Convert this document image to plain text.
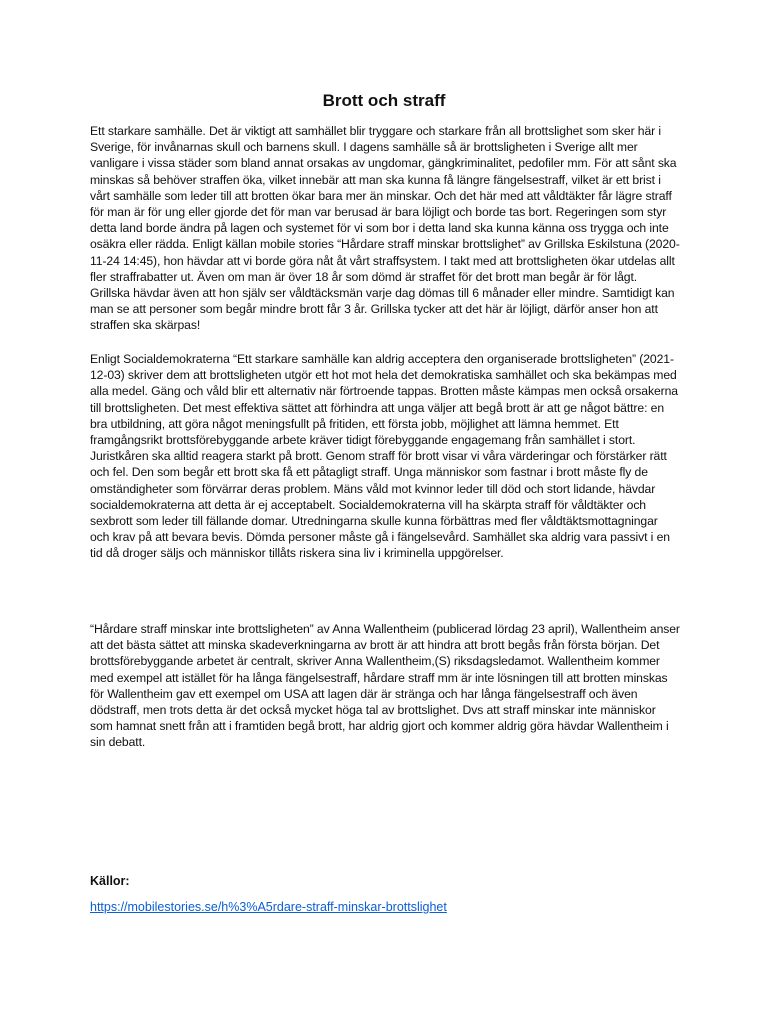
Brott och straff

Ett starkare samhälle. Det är viktigt att samhället blir tryggare och starkare från all brottslighet som sker här i Sverige, för invånarnas skull och barnens skull. I dagens samhälle så är brottsligheten i Sverige allt mer vanligare i vissa städer som bland annat orsakas av ungdomar, gängkriminalitet, pedofiler mm. För att sånt ska minskas så behöver straffen öka, vilket innebär att man ska kunna få längre fängelsestraff, vilket är ett brist i vårt samhälle som leder till att brotten ökar bara mer än minskar. Och det här med att våldtäkter får lägre straff för man är för ung eller gjorde det för man var berusad är bara löjligt och borde tas bort. Regeringen som styr detta land borde ändra på lagen och systemet för vi som bor i detta land ska kunna känna oss trygga och inte osäkra eller rädda. Enligt källan mobile stories “Hårdare straff minskar brottslighet” av Grillska Eskilstuna (2020-11-24 14:45), hon hävdar att vi borde göra nåt åt vårt straffsystem. I takt med att brottsligheten ökar utdelas allt fler straffrabatter ut. Även om man är över 18 år som dömd är straffet för det brott man begår är för lågt. Grillska hävdar även att hon själv ser våldtäcksmän varje dag dömas till 6 månader eller mindre. Samtidigt kan man se att personer som begår mindre brott får 3 år. Grillska tycker att det här är löjligt, därför anser hon att straffen ska skärpas!

Enligt Socialdemokraterna “Ett starkare samhälle kan aldrig acceptera den organiserade brottsligheten” (2021-12-03) skriver dem att brottsligheten utgör ett hot mot hela det demokratiska samhället och ska bekämpas med alla medel. Gäng och våld blir ett alternativ när förtroende tappas. Brotten måste kämpas men också orsakerna till brottsligheten. Det mest effektiva sättet att förhindra att unga väljer att begå brott är att ge något bättre: en bra utbildning, att göra något meningsfullt på fritiden, ett första jobb, möjlighet att lämna hemmet. Ett framgångsrikt brottsförebyggande arbete kräver tidigt förebyggande engagemang från samhället i stort. Juristkåren ska alltid reagera starkt på brott. Genom straff för brott visar vi våra värderingar och förstärker rätt och fel. Den som begår ett brott ska få ett påtagligt straff. Unga människor som fastnar i brott måste fly de omständigheter som förvärrar deras problem. Mäns våld mot kvinnor leder till död och stort lidande, hävdar socialdemokraterna att detta är ej acceptabelt. Socialdemokraterna vill ha skärpta straff för våldtäkter och sexbrott som leder till fällande domar. Utredningarna skulle kunna förbättras med fler våldtäktsmottagningar och krav på att bevara bevis. Dömda personer måste gå i fängelsevård. Samhället ska aldrig vara passivt i en tid då droger säljs och människor tillåts riskera sina liv i kriminella uppgörelser.

“Hårdare straff minskar inte brottsligheten” av Anna Wallentheim (publicerad lördag 23 april), Wallentheim anser att det bästa sättet att minska skadeverkningarna av brott är att hindra att brott begås från första början. Det brottsförebyggande arbetet är centralt, skriver Anna Wallentheim,(S) riksdagsledamot. Wallentheim kommer med exempel att istället för ha långa fängelsestraff, hårdare straff mm är inte lösningen till att brotten minskas för Wallentheim gav ett exempel om USA att lagen där är stränga och har långa fängelsestraff och även dödstraff, men trots detta är det också mycket höga tal av brottslighet. Dvs att straff minskar inte människor som hamnat snett från att i framtiden begå brott, har aldrig gjort och kommer aldrig göra hävdar Wallentheim i sin debatt.

Källor:

https://mobilestories.se/h%3%A5rdare-straff-minskar-brottslighet
